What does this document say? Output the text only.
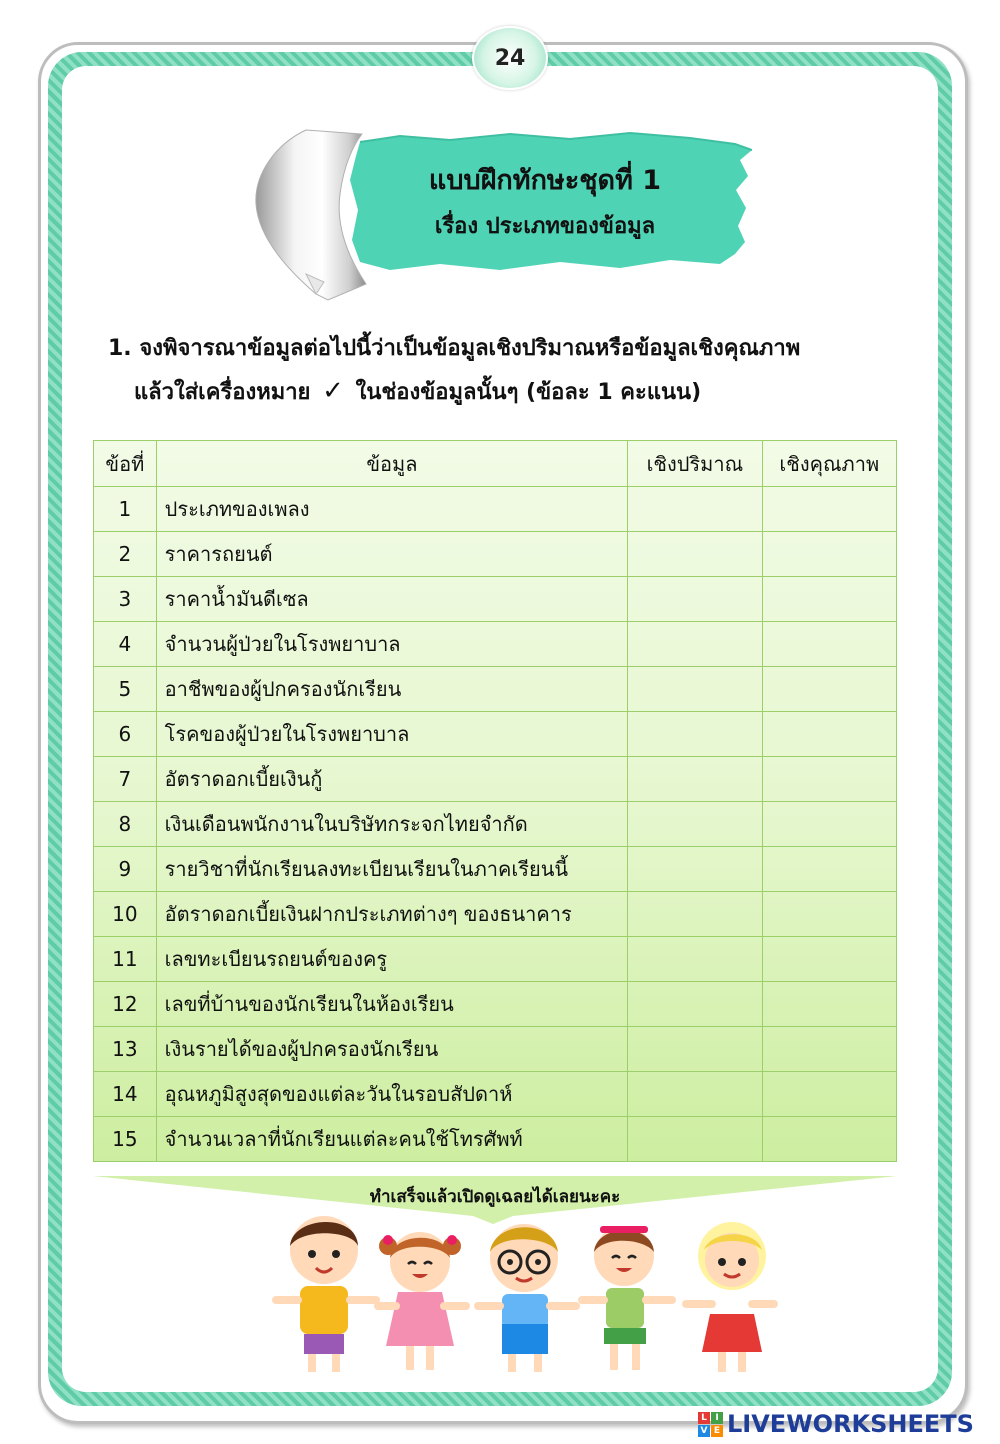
24
แบบฝึกทักษะชุดที่ 1
เรื่อง ประเภทของข้อมูล
1. จงพิจารณาข้อมูลต่อไปนี้ว่าเป็นข้อมูลเชิงปริมาณหรือข้อมูลเชิงคุณภาพ
แล้วใส่เครื่องหมาย ✓ ในช่องข้อมูลนั้นๆ (ข้อละ 1 คะแนน)
ข้อที่	ข้อมูล	เชิงปริมาณ	เชิงคุณภาพ
1	ประเภทของเพลง		
2	ราคารถยนต์		
3	ราคาน้ำมันดีเซล		
4	จำนวนผู้ป่วยในโรงพยาบาล		
5	อาชีพของผู้ปกครองนักเรียน		
6	โรคของผู้ป่วยในโรงพยาบาล		
7	อัตราดอกเบี้ยเงินกู้		
8	เงินเดือนพนักงานในบริษัทกระจกไทยจำกัด		
9	รายวิชาที่นักเรียนลงทะเบียนเรียนในภาคเรียนนี้		
10	อัตราดอกเบี้ยเงินฝากประเภทต่างๆ ของธนาคาร		
11	เลขทะเบียนรถยนต์ของครู		
12	เลขที่บ้านของนักเรียนในห้องเรียน		
13	เงินรายได้ของผู้ปกครองนักเรียน		
14	อุณหภูมิสูงสุดของแต่ละวันในรอบสัปดาห์		
15	จำนวนเวลาที่นักเรียนแต่ละคนใช้โทรศัพท์		
ทำเสร็จแล้วเปิดดูเฉลยได้เลยนะคะ
L I
V E LIVEWORKSHEETS
